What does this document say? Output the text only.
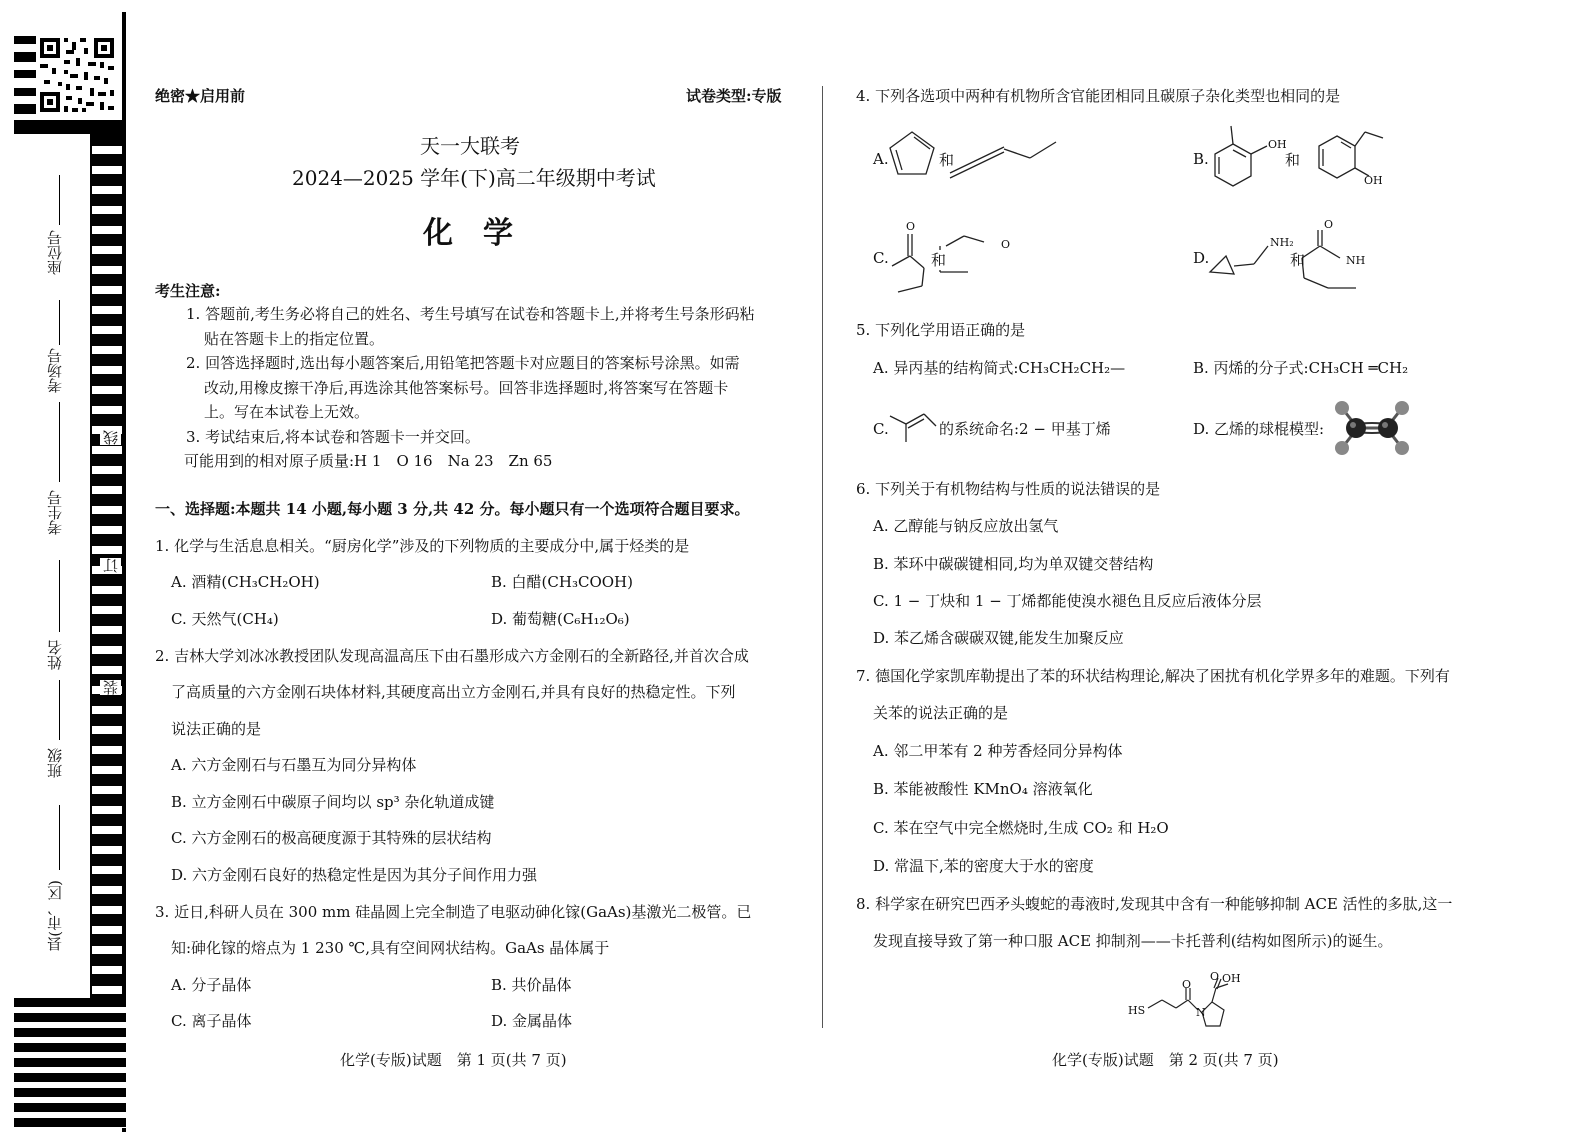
座位号
考场号
考生号
姓名
班级
县(市、区)
线
订
装
绝密★启用前	试卷类型:专版
天一大联考
2024—2025 学年(下)高二年级期中考试
化　学
考生注意:
1. 答题前,考生务必将自己的姓名、考生号填写在试卷和答题卡上,并将考生号条形码粘
贴在答题卡上的指定位置。
2. 回答选择题时,选出每小题答案后,用铅笔把答题卡对应题目的答案标号涂黑。如需
改动,用橡皮擦干净后,再选涂其他答案标号。回答非选择题时,将答案写在答题卡
上。写在本试卷上无效。
3. 考试结束后,将本试卷和答题卡一并交回。
可能用到的相对原子质量:H 1　O 16　Na 23　Zn 65
一、选择题:本题共 14 小题,每小题 3 分,共 42 分。每小题只有一个选项符合题目要求。
1. 化学与生活息息相关。“厨房化学”涉及的下列物质的主要成分中,属于烃类的是
A. 酒精(CH₃CH₂OH)	B. 白醋(CH₃COOH)
C. 天然气(CH₄)	D. 葡萄糖(C₆H₁₂O₆)
2. 吉林大学刘冰冰教授团队发现高温高压下由石墨形成六方金刚石的全新路径,并首次合成
了高质量的六方金刚石块体材料,其硬度高出立方金刚石,并具有良好的热稳定性。下列
说法正确的是
A. 六方金刚石与石墨互为同分异构体
B. 立方金刚石中碳原子间均以 sp³ 杂化轨道成键
C. 六方金刚石的极高硬度源于其特殊的层状结构
D. 六方金刚石良好的热稳定性是因为其分子间作用力强
3. 近日,科研人员在 300 mm 硅晶圆上完全制造了电驱动砷化镓(GaAs)基激光二极管。已
知:砷化镓的熔点为 1 230 ℃,具有空间网状结构。GaAs 晶体属于
A. 分子晶体	B. 共价晶体
C. 离子晶体	D. 金属晶体
化学(专版)试题　第 1 页(共 7 页)
4. 下列各选项中两种有机物所含官能团相同且碳原子杂化类型也相同的是
A.	和	B.
OH
和
OH
C.
O
和
O
D.
NH₂
和
O
NH
5. 下列化学用语正确的是
A. 异丙基的结构简式:CH₃CH₂CH₂—	B. 丙烯的分子式:CH₃CH ═CH₂
C.	的系统命名:2 − 甲基丁烯	D. 乙烯的球棍模型:
6. 下列关于有机物结构与性质的说法错误的是
A. 乙醇能与钠反应放出氢气
B. 苯环中碳碳键相同,均为单双键交替结构
C. 1 − 丁炔和 1 − 丁烯都能使溴水褪色且反应后液体分层
D. 苯乙烯含碳碳双键,能发生加聚反应
7. 德国化学家凯库勒提出了苯的环状结构理论,解决了困扰有机化学界多年的难题。下列有
关苯的说法正确的是
A. 邻二甲苯有 2 种芳香烃同分异构体
B. 苯能被酸性 KMnO₄ 溶液氧化
C. 苯在空气中完全燃烧时,生成 CO₂ 和 H₂O
D. 常温下,苯的密度大于水的密度
8. 科学家在研究巴西矛头蝮蛇的毒液时,发现其中含有一种能够抑制 ACE 活性的多肽,这一
发现直接导致了第一种口服 ACE 抑制剂——卡托普利(结构如图所示)的诞生。
HS
O
O OH
N
化学(专版)试题　第 2 页(共 7 页)
